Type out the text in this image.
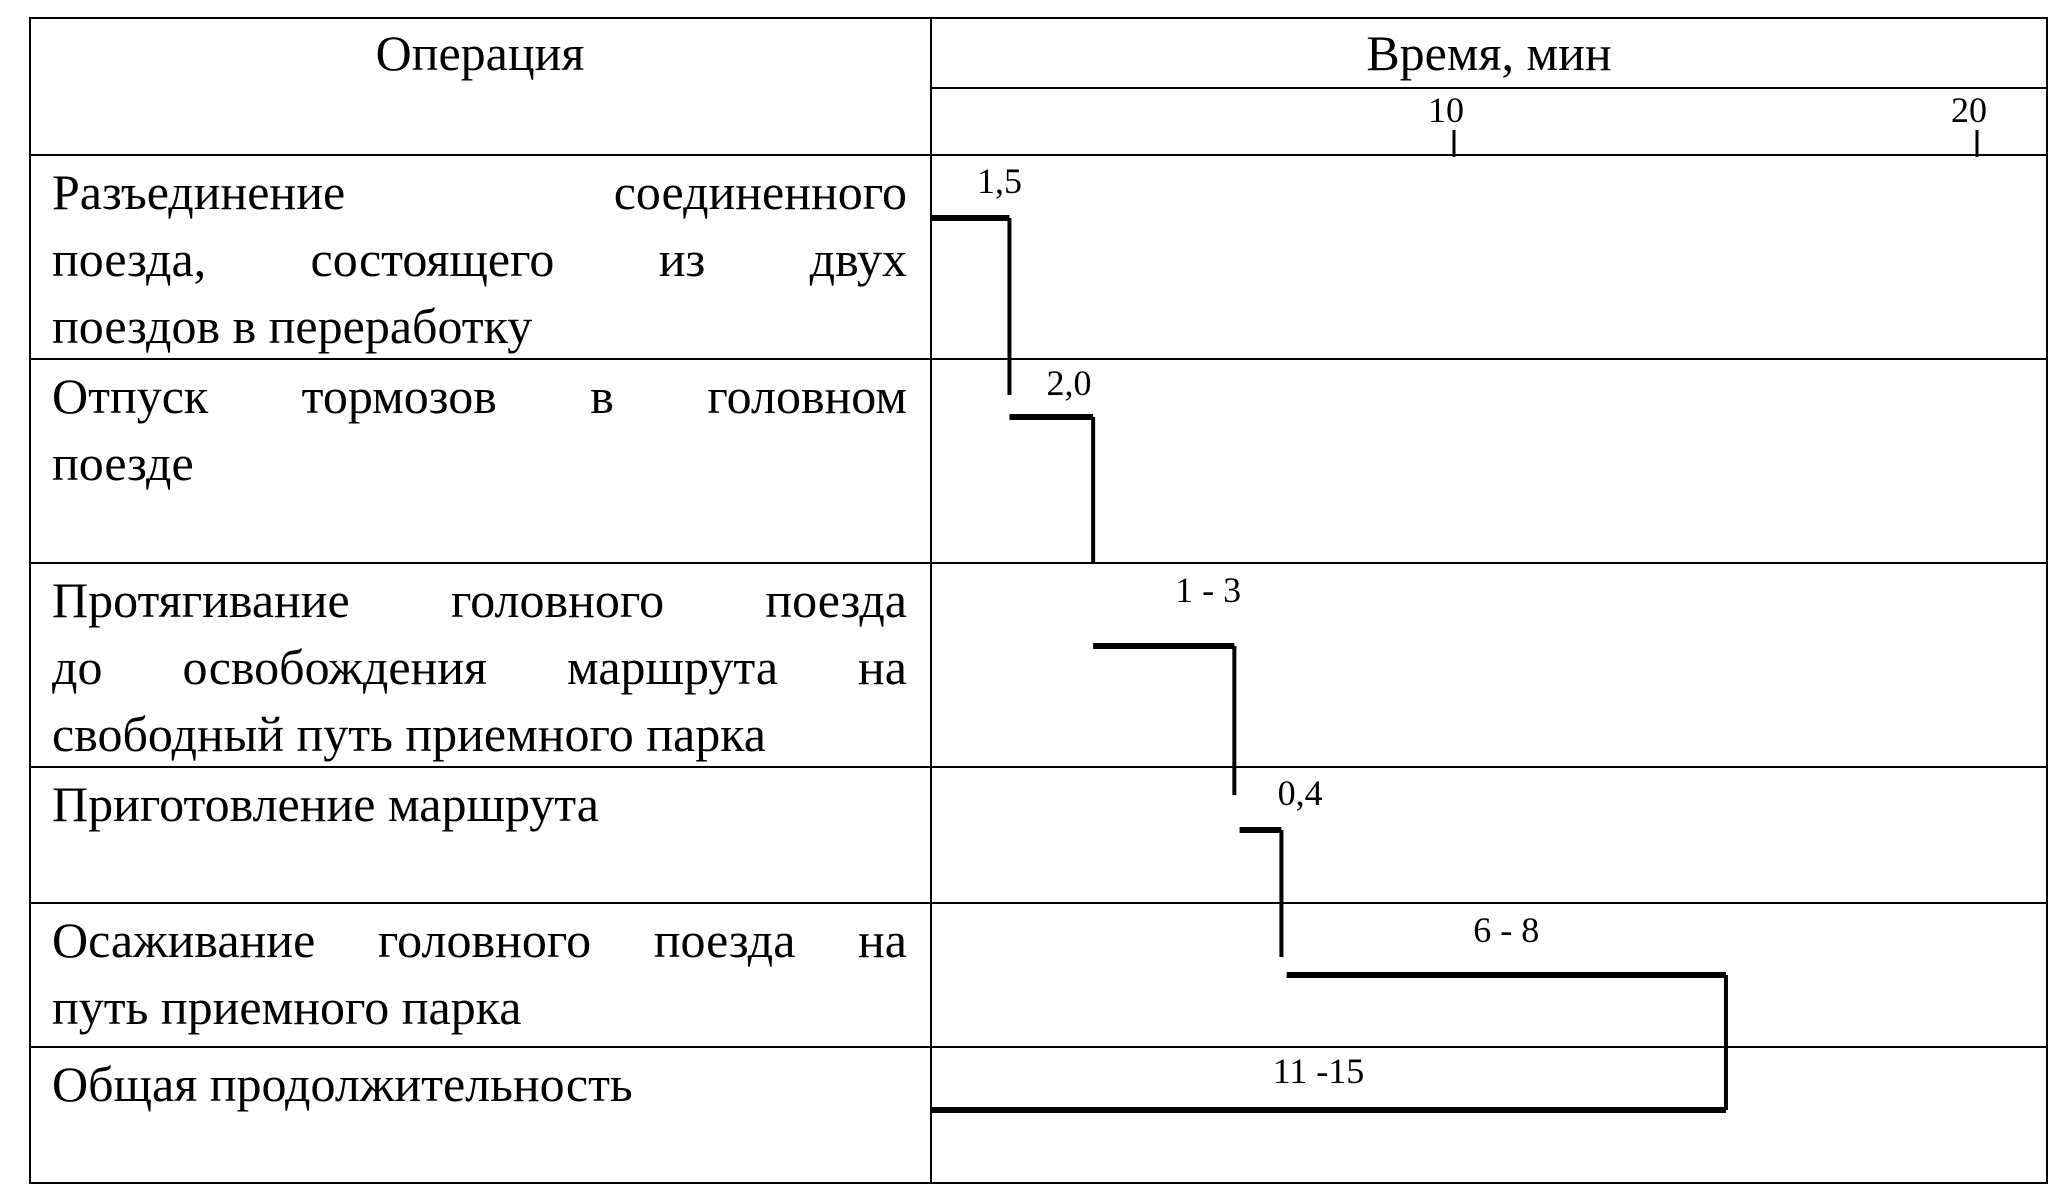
Операция	Время, мин
10	20
1,5
2,0
1 - 3
0,4
6 - 8
11 -15
Разъединение соединенного
поезда, состоящего из двух
поездов в переработку
Отпуск тормозов в головном
поезде
Протягивание головного поезда
до освобождения маршрута на
свободный путь приемного парка
Приготовление маршрута
Осаживание головного поезда на
путь приемного парка
Общая продолжительность
